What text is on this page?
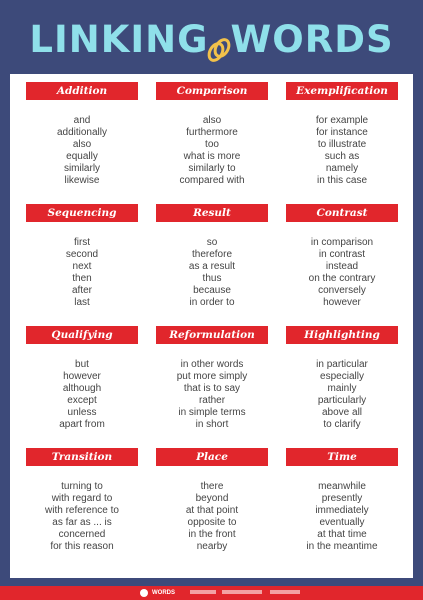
LINKING WORDS
Addition
and
additionally
also
equally
similarly
likewise
Comparison
also
furthermore
too
what is more
similarly to
compared with
Exemplification
for example
for instance
to illustrate
such as
namely
in this case
Sequencing
first
second
next
then
after
last
Result
so
therefore
as a result
thus
because
in order to
Contrast
in comparison
in contrast
instead
on the contrary
conversely
however
Qualifying
but
however
although
except
unless
apart from
Reformulation
in other words
put more simply
that is to say
rather
in simple terms
in short
Highlighting
in particular
especially
mainly
particularly
above all
to clarify
Transition
turning to
with regard to
with reference to
as far as ... is
concerned
for this reason
Place
there
beyond
at that point
opposite to
in the front
nearby
Time
meanwhile
presently
immediately
eventually
at that time
in the meantime
WORDS
